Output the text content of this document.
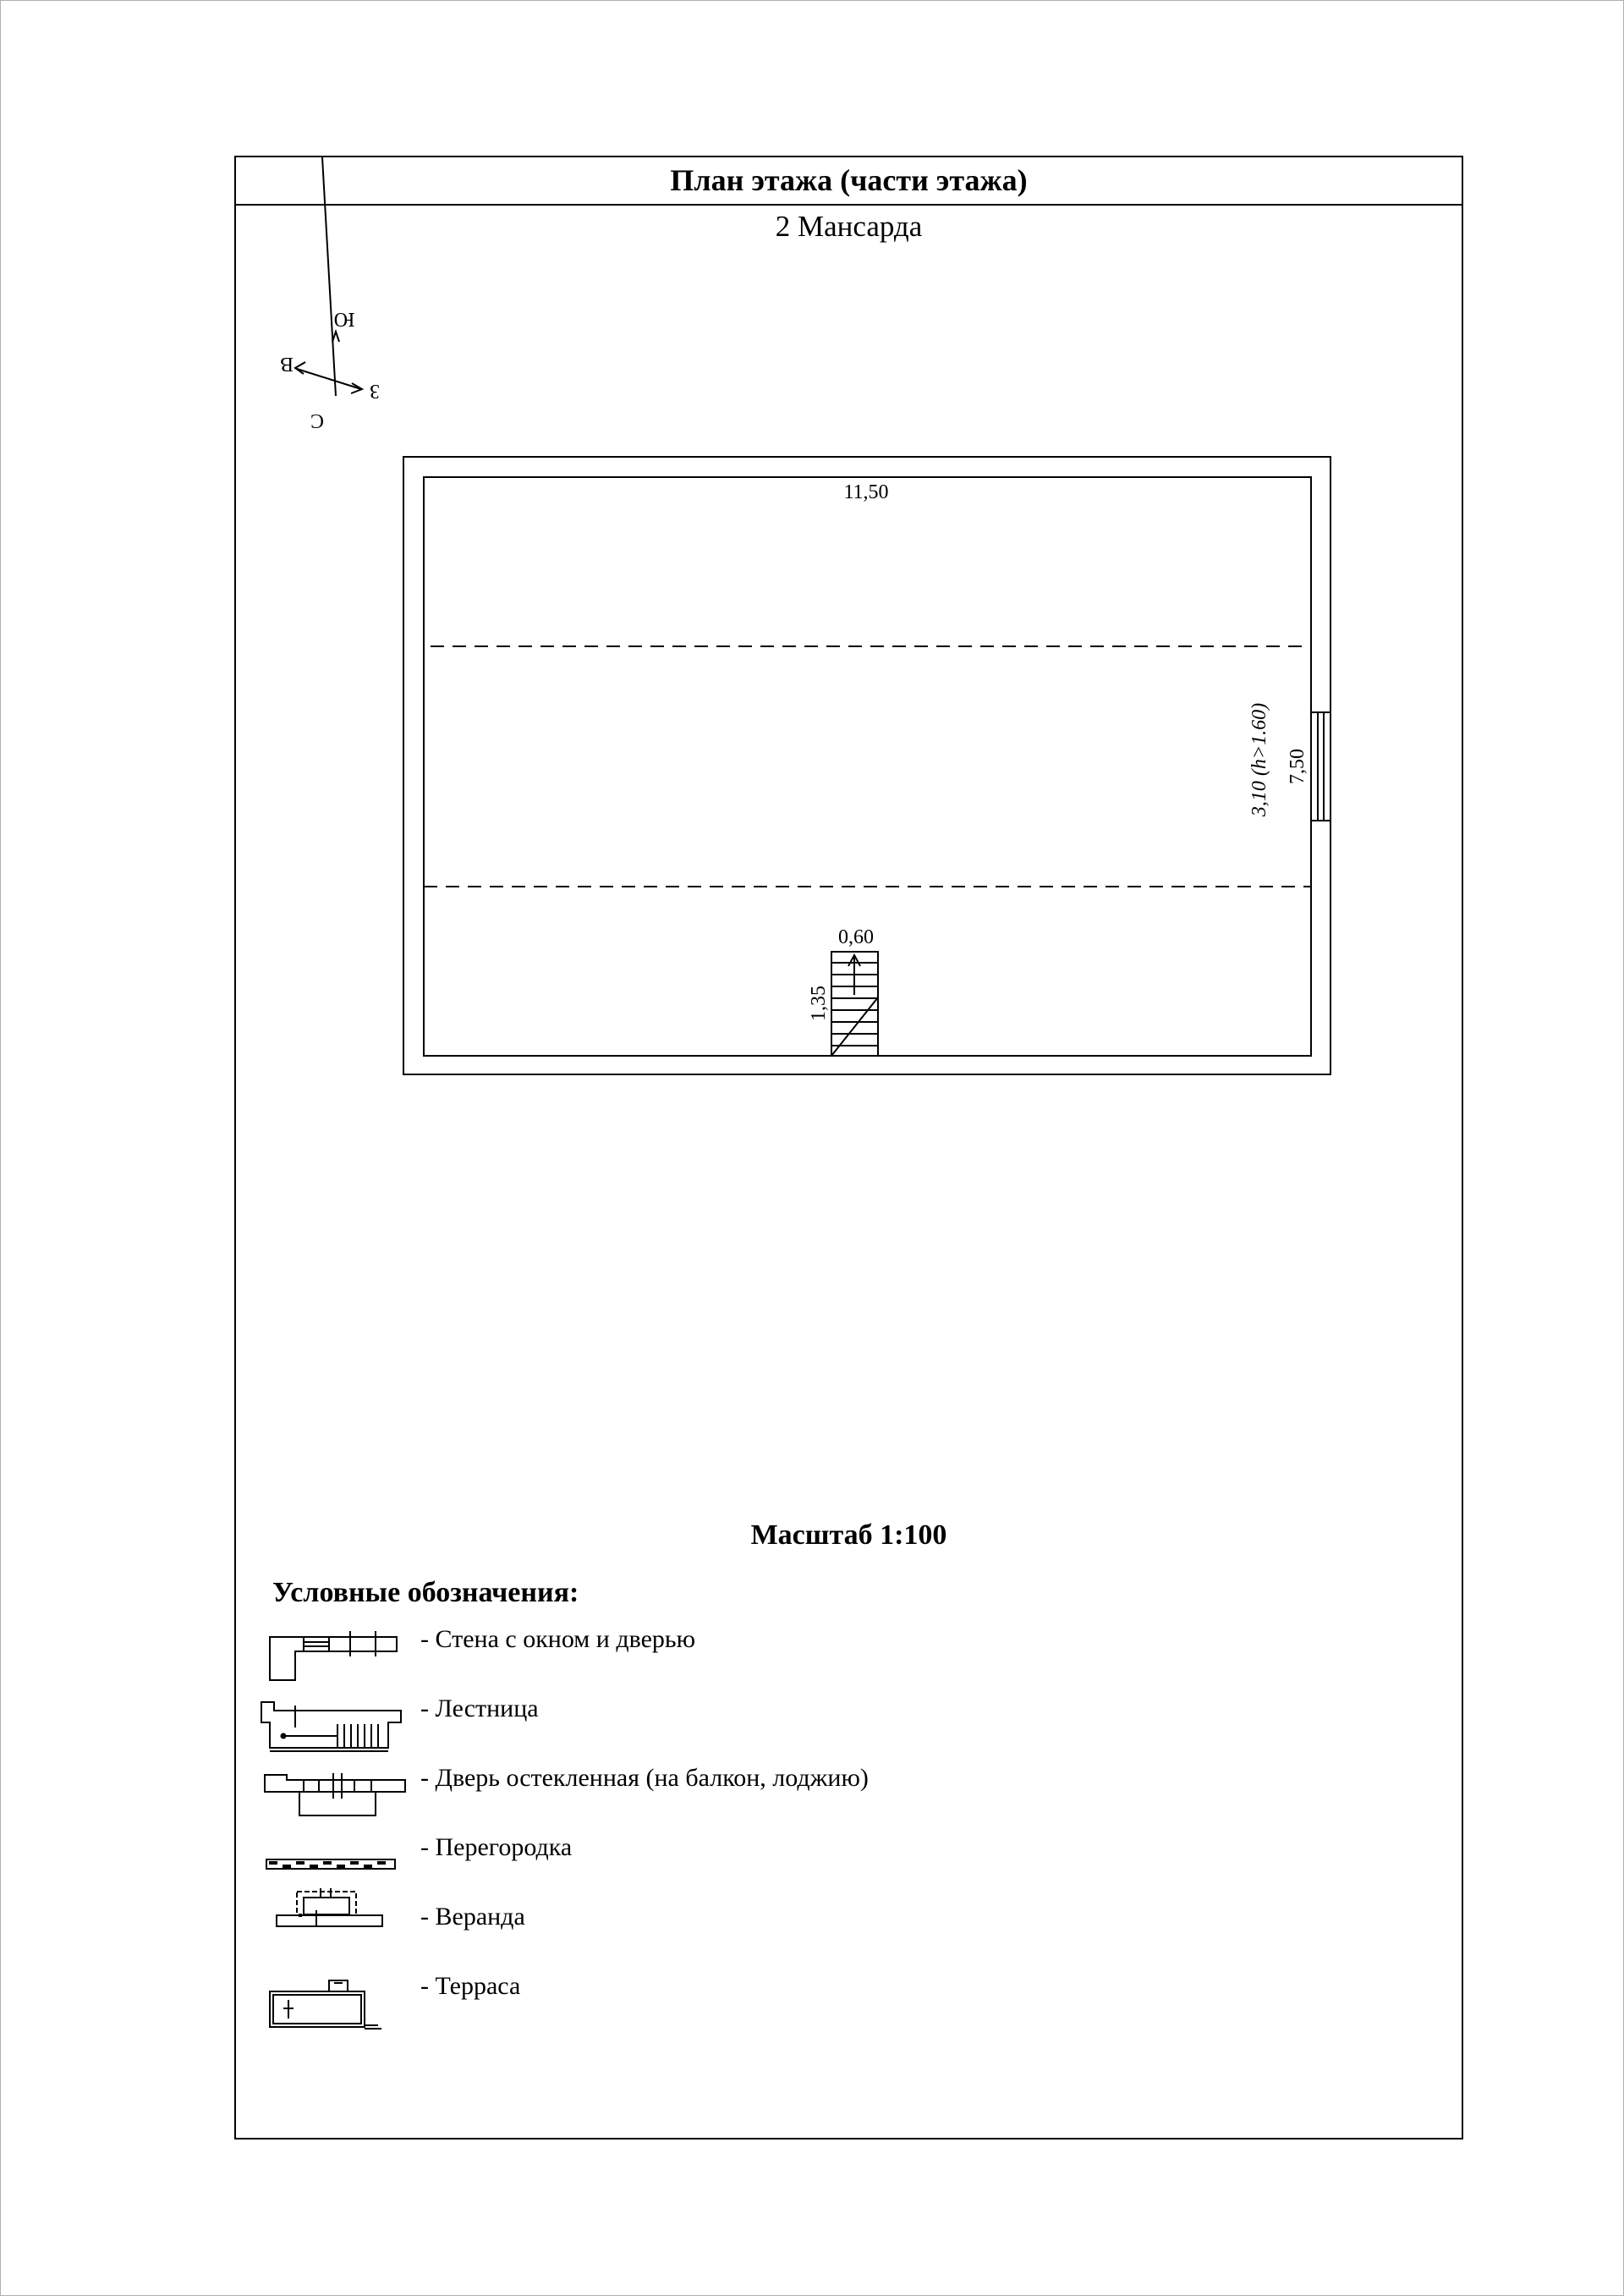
План этажа (части этажа)
2 Мансарда
Ю
В
З
С
11,50
7,50
3,10 (h>1.60)
0,60
1,35
Масштаб 1:100
Условные обозначения:
- Стена с окном и дверью
- Лестница
- Дверь остекленная (на балкон, лоджию)
- Перегородка
- Веранда
- Терраса
